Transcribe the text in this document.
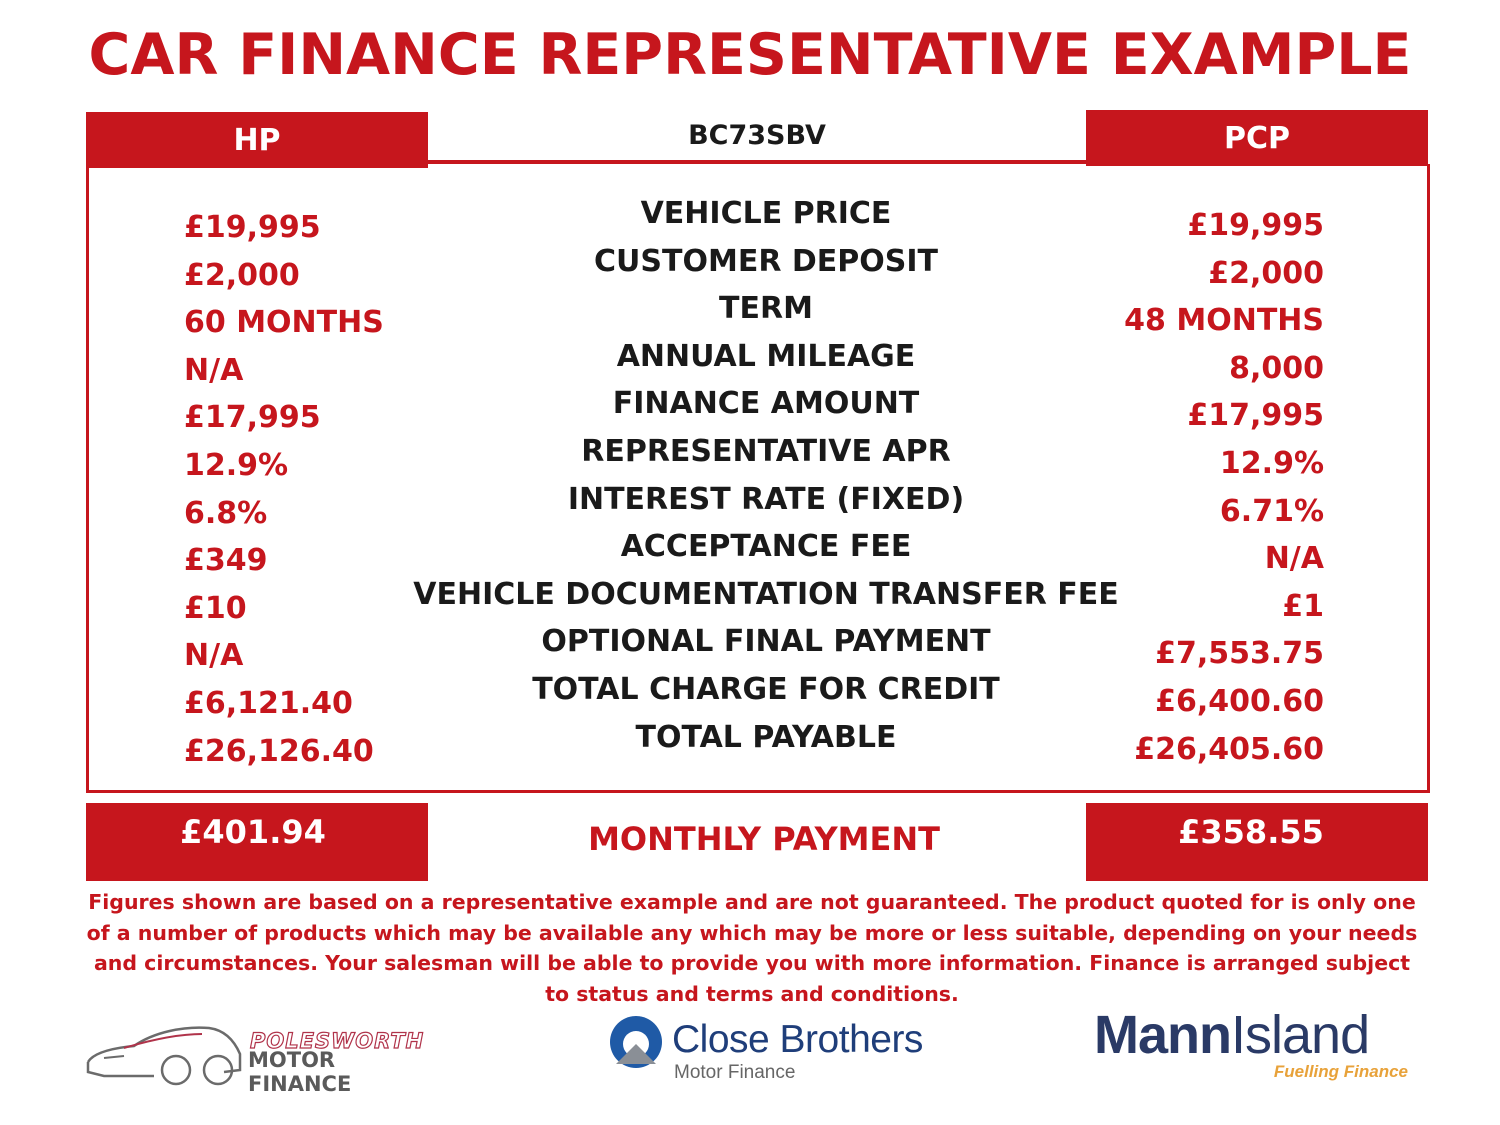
CAR FINANCE REPRESENTATIVE EXAMPLE
HP	BC73SBV	PCP
£19,995	VEHICLE PRICE	£19,995
£2,000	CUSTOMER DEPOSIT	£2,000
60 MONTHS	TERM	48 MONTHS
N/A	ANNUAL MILEAGE	8,000
£17,995	FINANCE AMOUNT	£17,995
12.9%	REPRESENTATIVE APR	12.9%
6.8%	INTEREST RATE (FIXED)	6.71%
£349	ACCEPTANCE FEE	N/A
£10	VEHICLE DOCUMENTATION TRANSFER FEE	£1
N/A	OPTIONAL FINAL PAYMENT	£7,553.75
£6,121.40	TOTAL CHARGE FOR CREDIT	£6,400.60
£26,126.40	TOTAL PAYABLE	£26,405.60
£401.94	MONTHLY PAYMENT	£358.55
Figures shown are based on a representative example and are not guaranteed. The product quoted for is only one of a number of products which may be available any which may be more or less suitable, depending on your needs and circumstances. Your salesman will be able to provide you with more information. Finance is arranged subject to status and terms and conditions.
POLESWORTH
MOTOR FINANCE
Close Brothers
Motor Finance
MannIsland
Fuelling Finance
